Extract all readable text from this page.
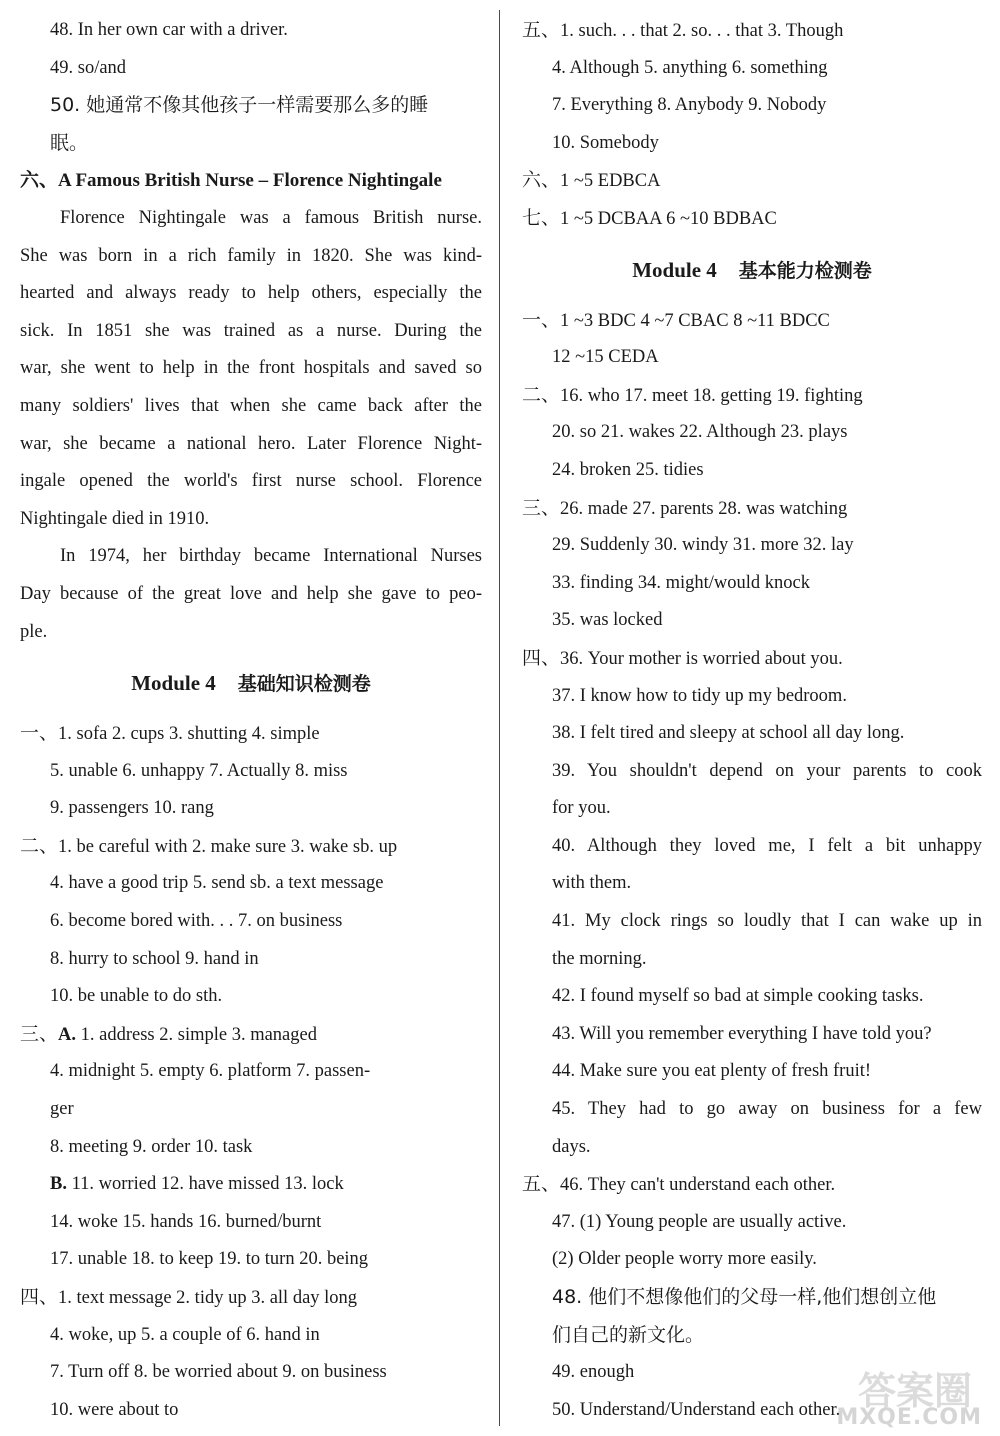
48. In her own car with a driver.
49. so/and
50. 她通常不像其他孩子一样需要那么多的睡
眠。
六、A Famous British Nurse – Florence Nightingale
Florence Nightingale was a famous British nurse.
She was born in a rich family in 1820. She was kind-
hearted and always ready to help others, especially the
sick. In 1851 she was trained as a nurse. During the
war, she went to help in the front hospitals and saved so
many soldiers' lives that when she came back after the
war, she became a national hero. Later Florence Night-
ingale opened the world's first nurse school. Florence
Nightingale died in 1910.
In 1974, her birthday became International Nurses
Day because of the great love and help she gave to peo-
ple.
Module 4 基础知识检测卷
一、1. sofa 2. cups 3. shutting 4. simple
5. unable 6. unhappy 7. Actually 8. miss
9. passengers 10. rang
二、1. be careful with 2. make sure 3. wake sb. up
4. have a good trip 5. send sb. a text message
6. become bored with. . . 7. on business
8. hurry to school 9. hand in
10. be unable to do sth.
三、A. 1. address 2. simple 3. managed
4. midnight 5. empty 6. platform 7. passen-
ger
8. meeting 9. order 10. task
B. 11. worried 12. have missed 13. lock
14. woke 15. hands 16. burned/burnt
17. unable 18. to keep 19. to turn 20. being
四、1. text message 2. tidy up 3. all day long
4. woke, up 5. a couple of 6. hand in
7. Turn off 8. be worried about 9. on business
10. were about to
五、1. such. . . that 2. so. . . that 3. Though
4. Although 5. anything 6. something
7. Everything 8. Anybody 9. Nobody
10. Somebody
六、1 ~5 EDBCA
七、1 ~5 DCBAA 6 ~10 BDBAC
Module 4 基本能力检测卷
一、1 ~3 BDC 4 ~7 CBAC 8 ~11 BDCC
12 ~15 CEDA
二、16. who 17. meet 18. getting 19. fighting
20. so 21. wakes 22. Although 23. plays
24. broken 25. tidies
三、26. made 27. parents 28. was watching
29. Suddenly 30. windy 31. more 32. lay
33. finding 34. might/would knock
35. was locked
四、36. Your mother is worried about you.
37. I know how to tidy up my bedroom.
38. I felt tired and sleepy at school all day long.
39. You shouldn't depend on your parents to cook
for you.
40. Although they loved me, I felt a bit unhappy
with them.
41. My clock rings so loudly that I can wake up in
the morning.
42. I found myself so bad at simple cooking tasks.
43. Will you remember everything I have told you?
44. Make sure you eat plenty of fresh fruit!
45. They had to go away on business for a few
days.
五、46. They can't understand each other.
47. (1) Young people are usually active.
(2) Older people worry more easily.
48. 他们不想像他们的父母一样,他们想创立他
们自己的新文化。
49. enough
50. Understand/Understand each other. 答案圈
MXQE.COM
